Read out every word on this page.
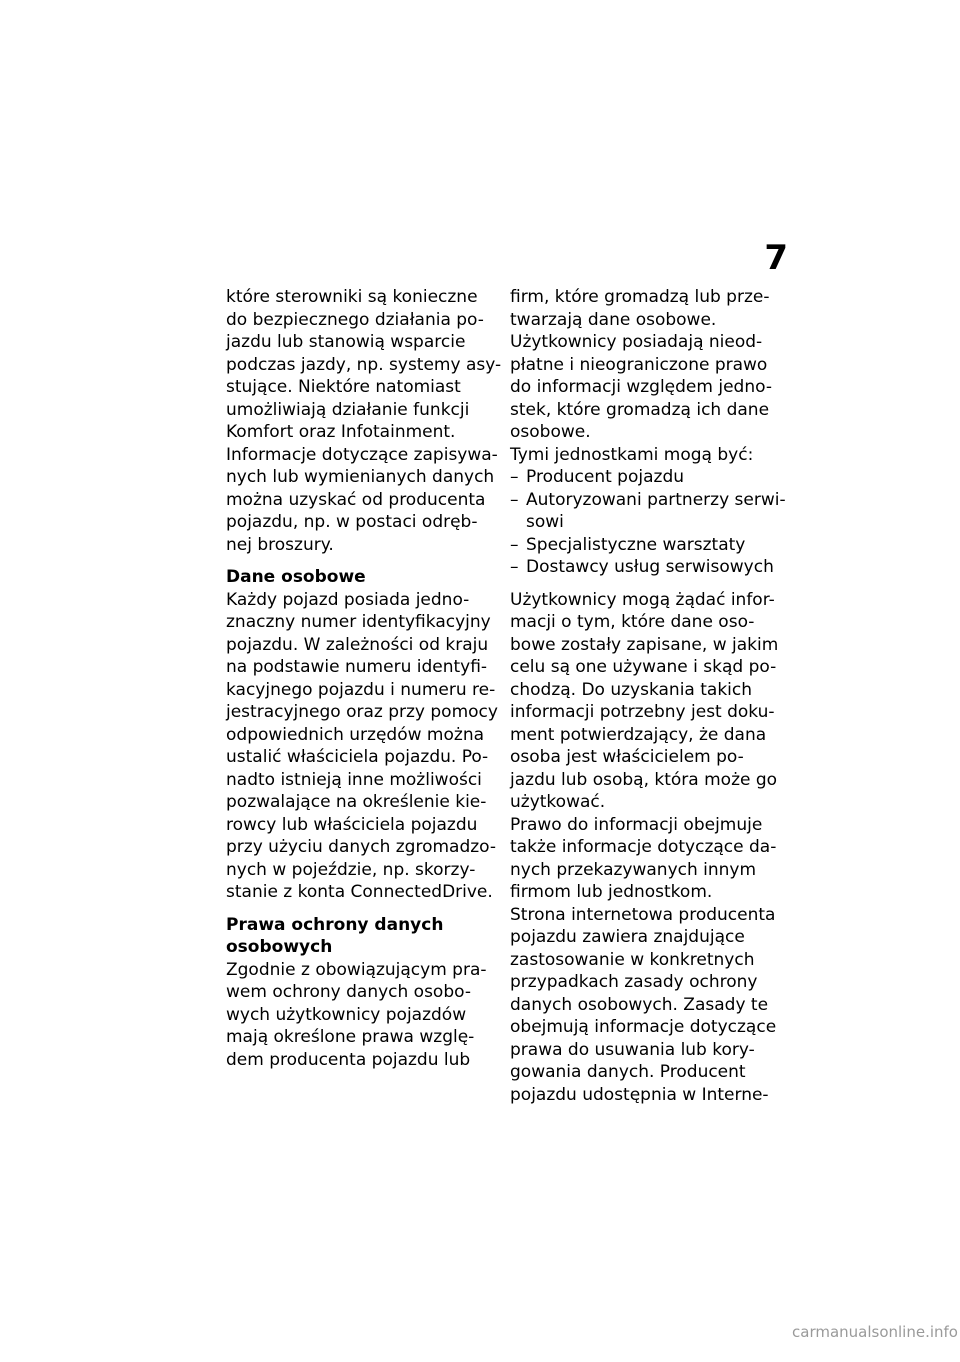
7
które sterowniki są konieczne
do bezpiecznego działania po-
jazdu lub stanowią wsparcie
podczas jazdy, np. systemy asy-
stujące. Niektóre natomiast
umożliwiają działanie funkcji
Komfort oraz Infotainment.
Informacje dotyczące zapisywa-
nych lub wymienianych danych
można uzyskać od producenta
pojazdu, np. w postaci odręb-
nej broszury.
Dane osobowe
Każdy pojazd posiada jedno-
znaczny numer identyfikacyjny
pojazdu. W zależności od kraju
na podstawie numeru identyfi-
kacyjnego pojazdu i numeru re-
jestracyjnego oraz przy pomocy
odpowiednich urzędów można
ustalić właściciela pojazdu. Po-
nadto istnieją inne możliwości
pozwalające na określenie kie-
rowcy lub właściciela pojazdu
przy użyciu danych zgromadzo-
nych w pojeździe, np. skorzy-
stanie z konta ConnectedDrive.
Prawa ochrony danych
osobowych
Zgodnie z obowiązującym pra-
wem ochrony danych osobo-
wych użytkownicy pojazdów
mają określone prawa wzglę-
dem producenta pojazdu lub
firm, które gromadzą lub prze-
twarzają dane osobowe.
Użytkownicy posiadają nieod-
płatne i nieograniczone prawo
do informacji względem jedno-
stek, które gromadzą ich dane
osobowe.
Tymi jednostkami mogą być:
– Producent pojazdu
– Autoryzowani partnerzy serwi-
sowi
– Specjalistyczne warsztaty
– Dostawcy usług serwisowych
Użytkownicy mogą żądać infor-
macji o tym, które dane oso-
bowe zostały zapisane, w jakim
celu są one używane i skąd po-
chodzą. Do uzyskania takich
informacji potrzebny jest doku-
ment potwierdzający, że dana
osoba jest właścicielem po-
jazdu lub osobą, która może go
użytkować.
Prawo do informacji obejmuje
także informacje dotyczące da-
nych przekazywanych innym
firmom lub jednostkom.
Strona internetowa producenta
pojazdu zawiera znajdujące
zastosowanie w konkretnych
przypadkach zasady ochrony
danych osobowych. Zasady te
obejmują informacje dotyczące
prawa do usuwania lub kory-
gowania danych. Producent
pojazdu udostępnia w Interne-
carmanualsonline.info
